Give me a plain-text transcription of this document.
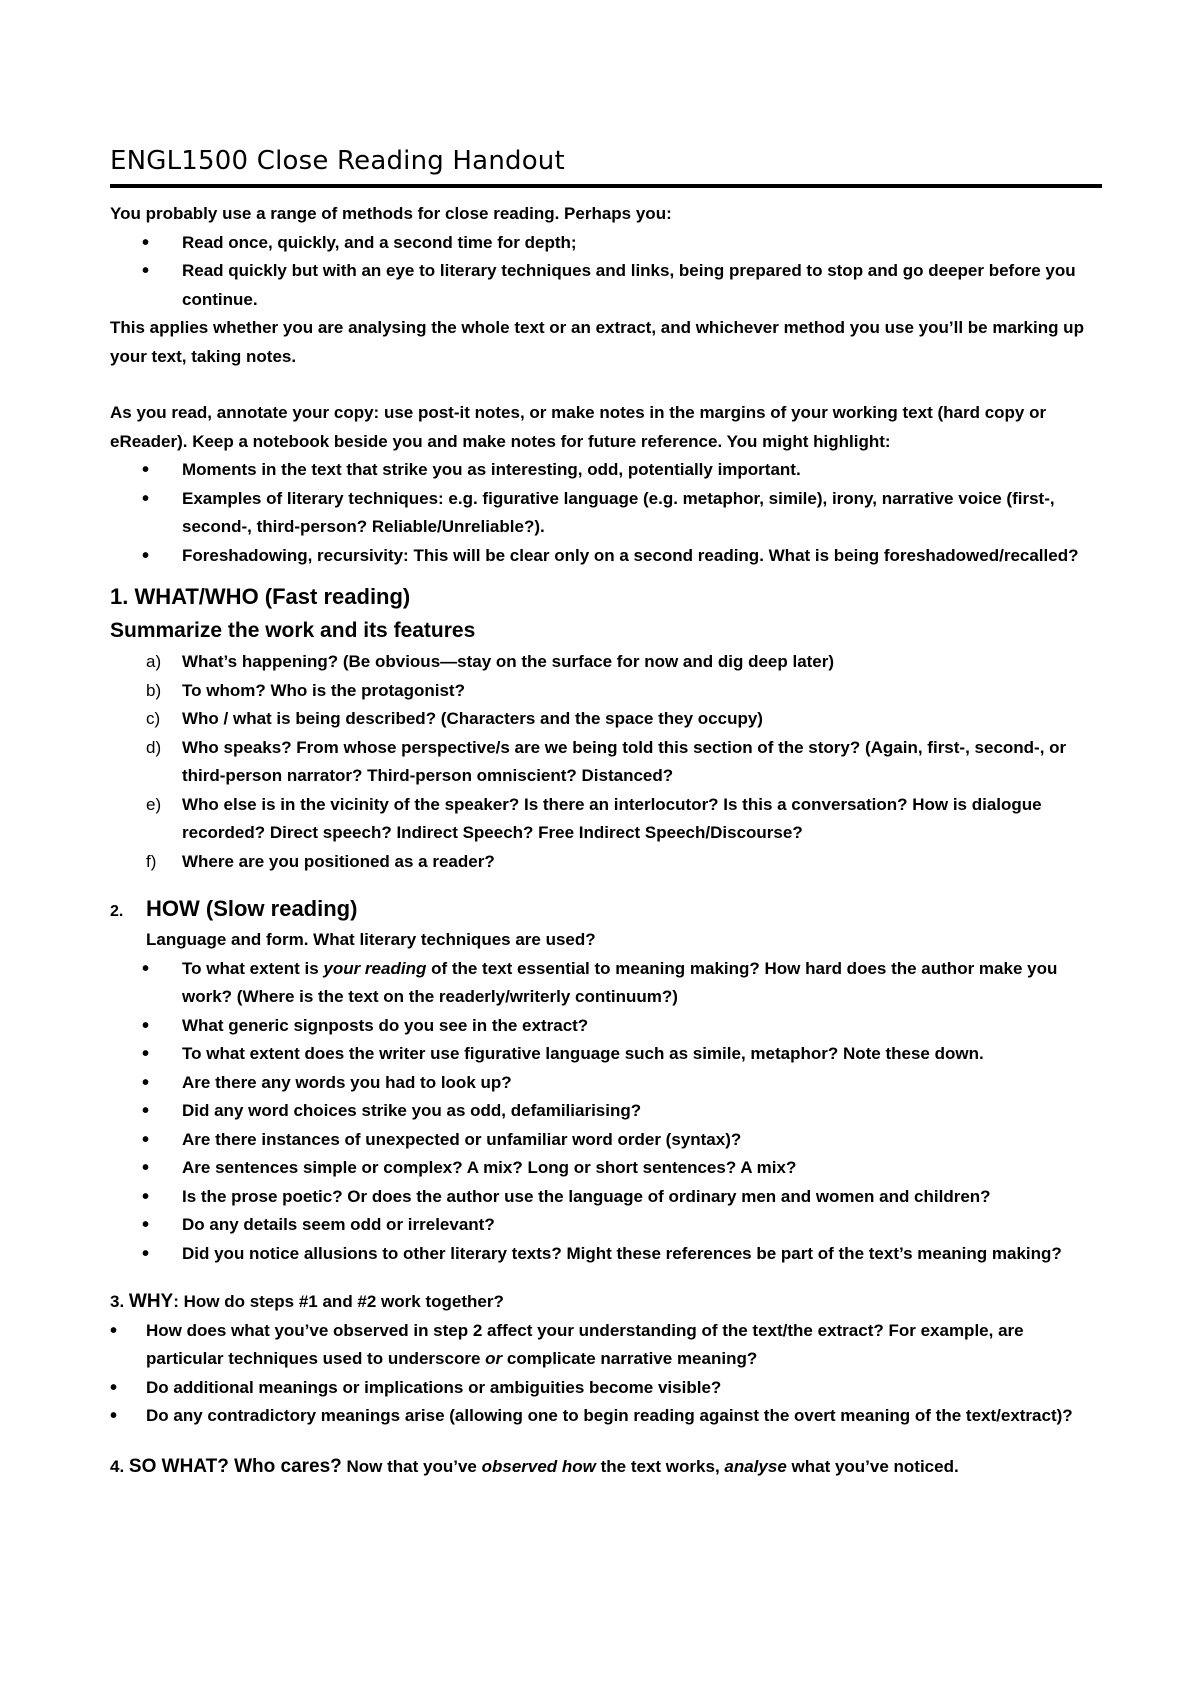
ENGL1500 Close Reading Handout

You probably use a range of methods for close reading. Perhaps you:

• Read once, quickly, and a second time for depth;
• Read quickly but with an eye to literary techniques and links, being prepared to stop and go deeper before you continue.

This applies whether you are analysing the whole text or an extract, and whichever method you use you’ll be marking up your text, taking notes.

As you read, annotate your copy: use post-it notes, or make notes in the margins of your working text (hard copy or eReader). Keep a notebook beside you and make notes for future reference. You might highlight:

• Moments in the text that strike you as interesting, odd, potentially important.
• Examples of literary techniques: e.g. figurative language (e.g. metaphor, simile), irony, narrative voice (first-, second-, third-person? Reliable/Unreliable?).
• Foreshadowing, recursivity: This will be clear only on a second reading. What is being foreshadowed/recalled?
1. WHAT/WHO (Fast reading)
Summarize the work and its features
a) What’s happening? (Be obvious—stay on the surface for now and dig deep later)
b) To whom? Who is the protagonist?
c) Who / what is being described? (Characters and the space they occupy)
d) Who speaks? From whose perspective/s are we being told this section of the story? (Again, first-, second-, or third-person narrator? Third-person omniscient? Distanced?
e) Who else is in the vicinity of the speaker? Is there an interlocutor? Is this a conversation? How is dialogue recorded? Direct speech? Indirect Speech? Free Indirect Speech/Discourse?
f) Where are you positioned as a reader?
2.	HOW (Slow reading)

Language and form. What literary techniques are used?

• To what extent is your reading of the text essential to meaning making? How hard does the author make you work? (Where is the text on the readerly/writerly continuum?)
• What generic signposts do you see in the extract?
• To what extent does the writer use figurative language such as simile, metaphor? Note these down.
• Are there any words you had to look up?
• Did any word choices strike you as odd, defamiliarising?
• Are there instances of unexpected or unfamiliar word order (syntax)?
• Are sentences simple or complex? A mix? Long or short sentences? A mix?
• Is the prose poetic? Or does the author use the language of ordinary men and women and children?
• Do any details seem odd or irrelevant?
• Did you notice allusions to other literary texts? Might these references be part of the text’s meaning making?

3. WHY: How do steps #1 and #2 work together?

• How does what you’ve observed in step 2 affect your understanding of the text/the extract? For example, are particular techniques used to underscore or complicate narrative meaning?
• Do additional meanings or implications or ambiguities become visible?
• Do any contradictory meanings arise (allowing one to begin reading against the overt meaning of the text/extract)?

4. SO WHAT? Who cares? Now that you’ve observed how the text works, analyse what you’ve noticed.
